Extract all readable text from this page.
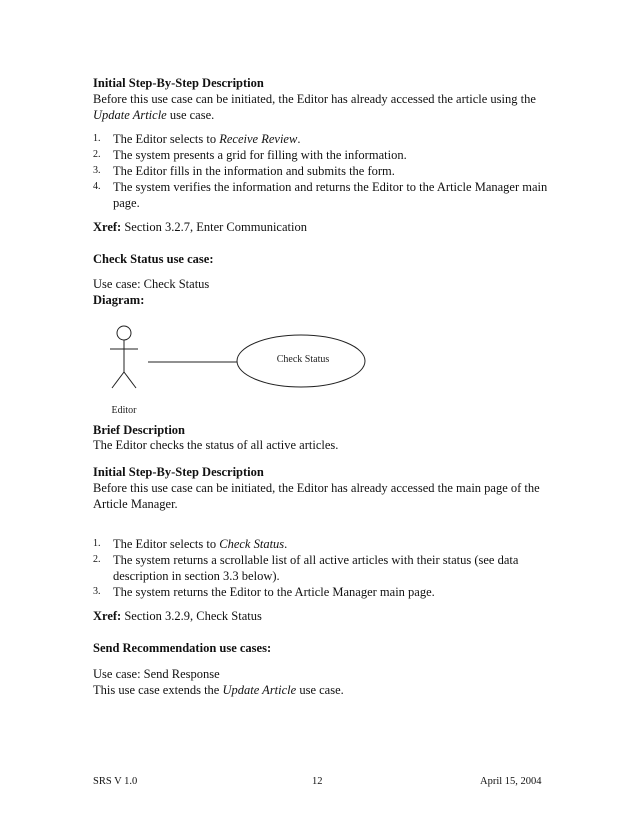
Initial Step-By-Step Description
Before this use case can be initiated, the Editor has already accessed the article using the
Update Article use case.
1. The Editor selects to Receive Review.
2. The system presents a grid for filling with the information.
3. The Editor fills in the information and submits the form.
4. The system verifies the information and returns the Editor to the Article Manager main
page.
Xref: Section 3.2.7, Enter Communication
Check Status use case:
Use case: Check Status
Diagram:
Check Status
Editor
Brief Description
The Editor checks the status of all active articles.
Initial Step-By-Step Description
Before this use case can be initiated, the Editor has already accessed the main page of the
Article Manager.
1. The Editor selects to Check Status.
2. The system returns a scrollable list of all active articles with their status (see data
description in section 3.3 below).
3. The system returns the Editor to the Article Manager main page.
Xref: Section 3.2.9, Check Status
Send Recommendation use cases:
Use case: Send Response
This use case extends the Update Article use case.
SRS V 1.0	12	April 15, 2004
